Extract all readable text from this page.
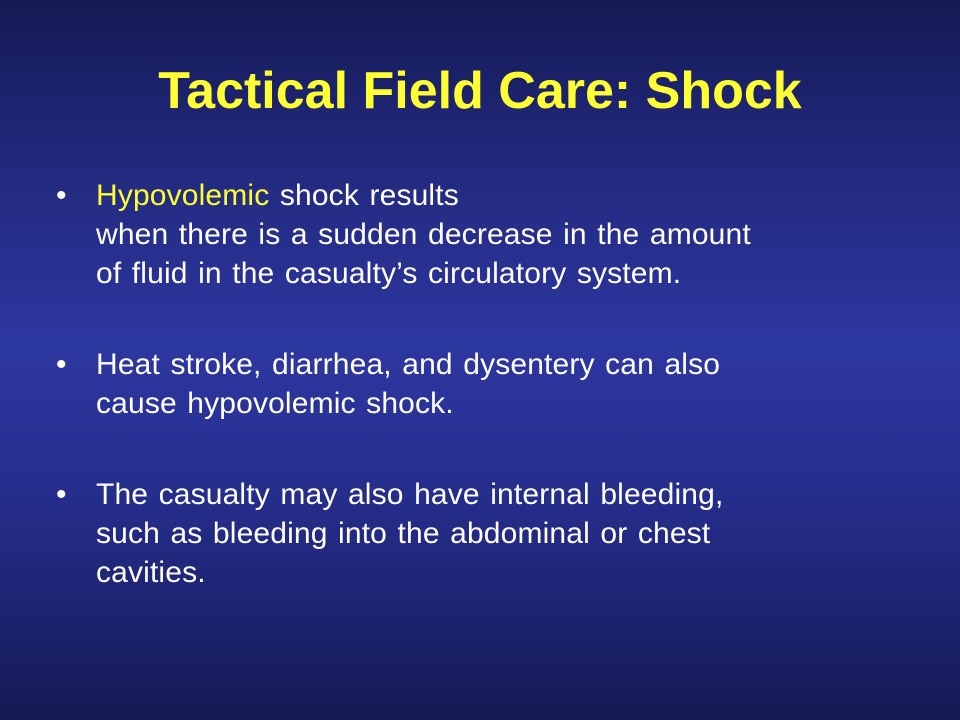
Tactical Field Care: Shock
• Hypovolemic shock results
when there is a sudden decrease in the amount
of fluid in the casualty’s circulatory system.
• Heat stroke, diarrhea, and dysentery can also
cause hypovolemic shock.
• The casualty may also have internal bleeding,
such as bleeding into the abdominal or chest
cavities.
